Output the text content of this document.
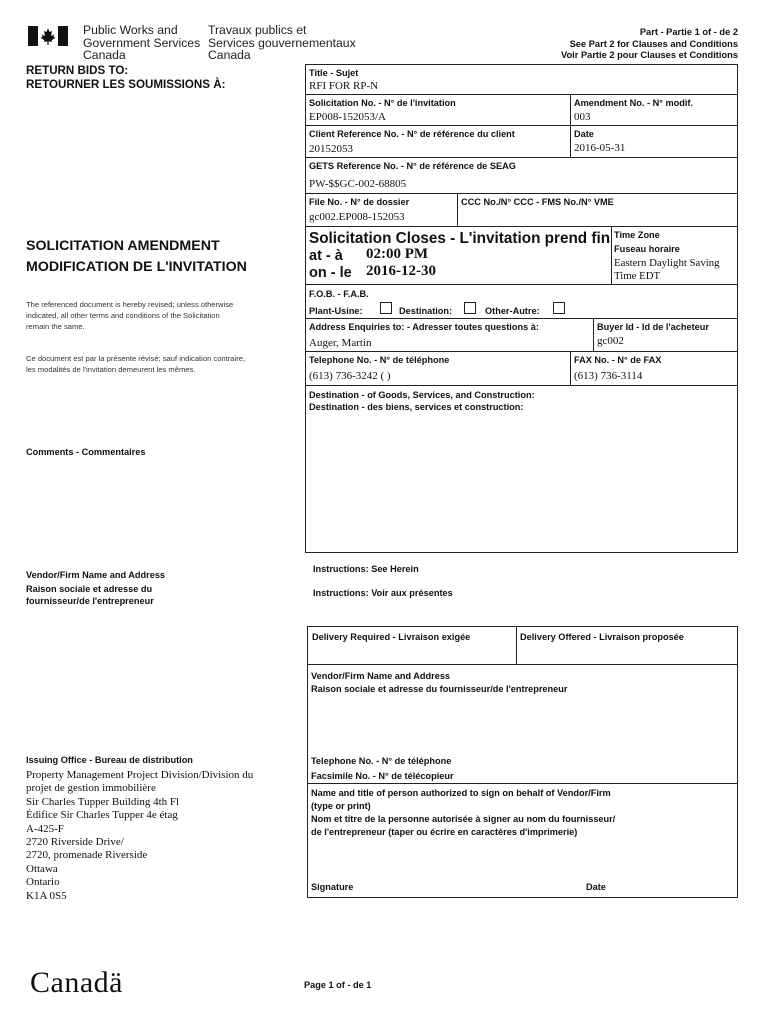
Public Works and
Government Services
Canada
Travaux publics et
Services gouvernementaux
Canada
Part - Partie 1 of - de 2
See Part 2 for Clauses and Conditions
Voir Partie 2 pour Clauses et Conditions
RETURN BIDS TO:
RETOURNER LES SOUMISSIONS À:
SOLICITATION AMENDMENT
MODIFICATION DE L'INVITATION
The referenced document is hereby revised; unless otherwise
indicated, all other terms and conditions of the Solicitation
remain the same.
Ce document est par la présente révisé; sauf indication contraire,
les modalités de l'invitation demeurent les mêmes.
Comments - Commentaires
Vendor/Firm Name and Address
Raison sociale et adresse du
fournisseur/de l'entrepreneur
Issuing Office - Bureau de distribution
Property Management Project Division/Division du
projet de gestion immobilière
Sir Charles Tupper Building 4th Fl
Édifice Sir Charles Tupper 4e étag
A-425-F
2720 Riverside Drive/
2720, promenade Riverside
Ottawa
Ontario
K1A 0S5
Title - Sujet
RFI FOR RP-N
Solicitation No. - N° de l'invitation
EP008-152053/A
Amendment No. - N° modif.
003
Client Reference No. - N° de référence du client
20152053
Date
2016-05-31
GETS Reference No. - N° de référence de SEAG
PW-$$GC-002-68805
File No. - N° de dossier
gc002.EP008-152053
CCC No./N° CCC - FMS No./N° VME
Solicitation Closes - L'invitation prend fin
at - à 02:00 PM
on - le 2016-12-30
Time Zone
Fuseau horaire
Eastern Daylight Saving
Time EDT
F.O.B. - F.A.B.
Plant-Usine:	Destination:	Other-Autre:
Address Enquiries to: - Adresser toutes questions à:
Auger, Martin
Buyer Id - Id de l'acheteur
gc002
Telephone No. - N° de téléphone
(613) 736-3242 ( )
FAX No. - N° de FAX
(613) 736-3114
Destination - of Goods, Services, and Construction:
Destination - des biens, services et construction:
Instructions: See Herein
Instructions: Voir aux présentes
Delivery Required - Livraison exigée	Delivery Offered - Livraison proposée
Vendor/Firm Name and Address
Raison sociale et adresse du fournisseur/de l'entrepreneur
Telephone No. - N° de téléphone
Facsimile No. - N° de télécopieur
Name and title of person authorized to sign on behalf of Vendor/Firm
(type or print)
Nom et titre de la personne autorisée à signer au nom du fournisseur/
de l'entrepreneur (taper ou écrire en caractères d'imprimerie)
Signature	Date
Canadä	Page 1 of - de 1
